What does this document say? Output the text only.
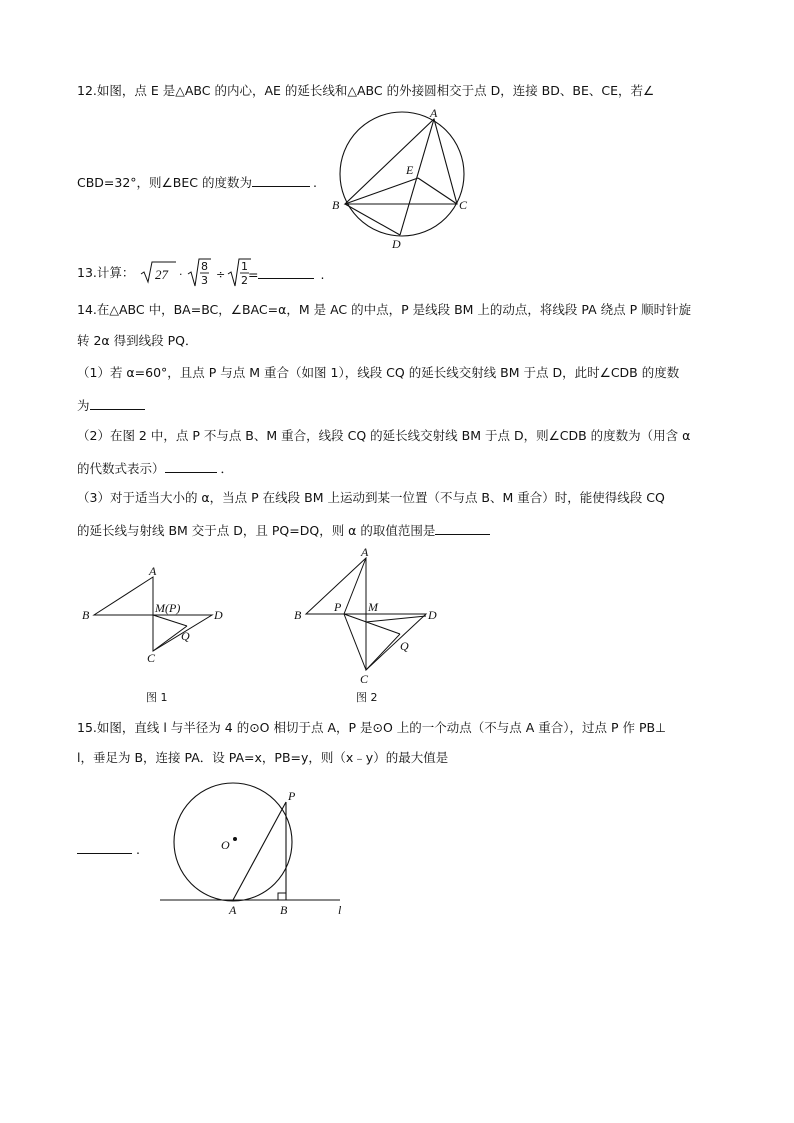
12.如图，点 E 是△ABC 的内心，AE 的延长线和△ABC 的外接圆相交于点 D，连接 BD、BE、CE，若∠
CBD=32°，则∠BEC 的度数为	.
A
E
B	C
D
13.计算： 27 ·
8
3 ÷
1
2 =	.
14.在△ABC 中，BA=BC，∠BAC=α，M 是 AC 的中点，P 是线段 BM 上的动点，将线段 PA 绕点 P 顺时针旋
转 2α 得到线段 PQ．
（1）若 α=60°，且点 P 与点 M 重合（如图 1），线段 CQ 的延长线交射线 BM 于点 D，此时∠CDB 的度数
为
（2）在图 2 中，点 P 不与点 B、M 重合，线段 CQ 的延长线交射线 BM 于点 D，则∠CDB 的度数为（用含 α
的代数式表示）	．
（3）对于适当大小的 α，当点 P 在线段 BM 上运动到某一位置（不与点 B、M 重合）时，能使得线段 CQ
的延长线与射线 BM 交于点 D，且 PQ=DQ，则 α 的取值范围是
A
B	D
M(P)
Q
C
图 1
A
B	D
P M
Q
C
图 2
15.如图，直线 l 与半径为 4 的⊙O 相切于点 A，P 是⊙O 上的一个动点（不与点 A 重合），过点 P 作 PB⊥
l，垂足为 B，连接 PA．设 PA=x，PB=y，则（x﹣y）的最大值是
.	O
P
A	B	l
